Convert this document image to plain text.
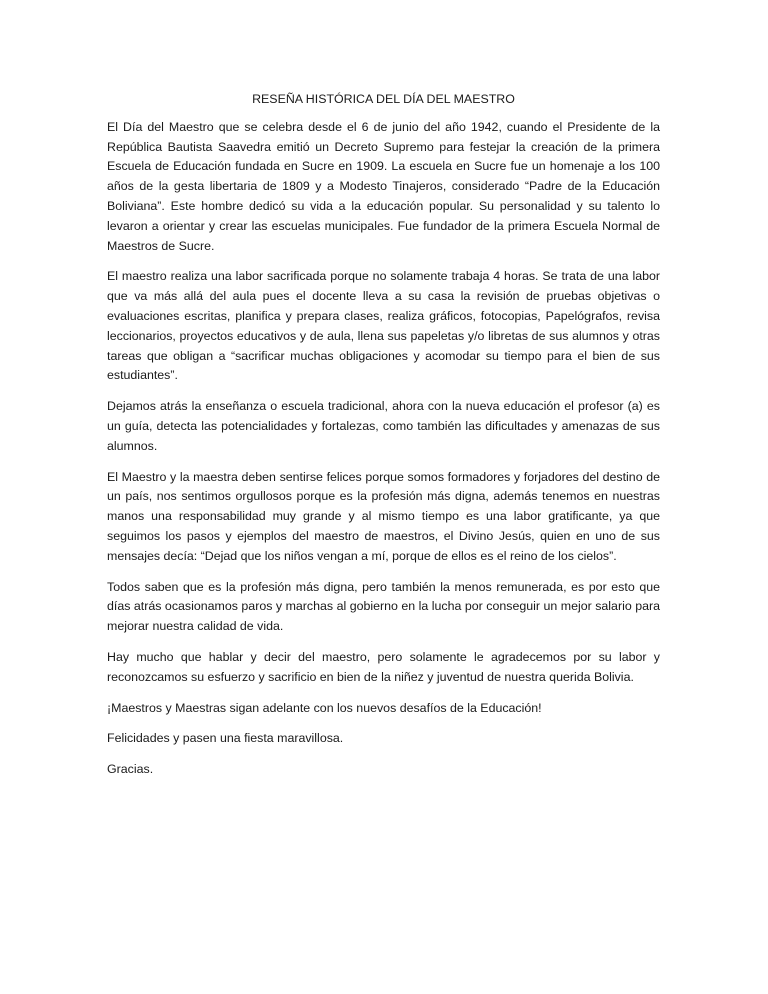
RESEÑA HISTÓRICA DEL DÍA DEL MAESTRO

El Día del Maestro que se celebra desde el 6 de junio del año 1942, cuando el Presidente de la República Bautista Saavedra emitió un Decreto Supremo para festejar la creación de la primera Escuela de Educación fundada en Sucre en 1909. La escuela en Sucre fue un homenaje a los 100 años de la gesta libertaria de 1809 y a Modesto Tinajeros, considerado “Padre de la Educación Boliviana”. Este hombre dedicó su vida a la educación popular. Su personalidad y su talento lo levaron a orientar y crear las escuelas municipales. Fue fundador de la primera Escuela Normal de Maestros de Sucre.

El maestro realiza una labor sacrificada porque no solamente trabaja 4 horas. Se trata de una labor que va más allá del aula pues el docente lleva a su casa la revisión de pruebas objetivas o evaluaciones escritas, planifica y prepara clases, realiza gráficos, fotocopias, Papelógrafos, revisa leccionarios, proyectos educativos y de aula, llena sus papeletas y/o libretas de sus alumnos y otras tareas que obligan a “sacrificar muchas obligaciones y acomodar su tiempo para el bien de sus estudiantes”.

Dejamos atrás la enseñanza o escuela tradicional, ahora con la nueva educación el profesor (a) es un guía, detecta las potencialidades y fortalezas, como también las dificultades y amenazas de sus alumnos.

El Maestro y la maestra deben sentirse felices porque somos formadores y forjadores del destino de un país, nos sentimos orgullosos porque es la profesión más digna, además tenemos en nuestras manos una responsabilidad muy grande y al mismo tiempo es una labor gratificante, ya que seguimos los pasos y ejemplos del maestro de maestros, el Divino Jesús, quien en uno de sus mensajes decía: “Dejad que los niños vengan a mí, porque de ellos es el reino de los cielos”.

Todos saben que es la profesión más digna, pero también la menos remunerada, es por esto que días atrás ocasionamos paros y marchas al gobierno en la lucha por conseguir un mejor salario para mejorar nuestra calidad de vida.

Hay mucho que hablar y decir del maestro, pero solamente le agradecemos por su labor y reconozcamos su esfuerzo y sacrificio en bien de la niñez y juventud de nuestra querida Bolivia.

¡Maestros y Maestras sigan adelante con los nuevos desafíos de la Educación!

Felicidades y pasen una fiesta maravillosa.

Gracias.
